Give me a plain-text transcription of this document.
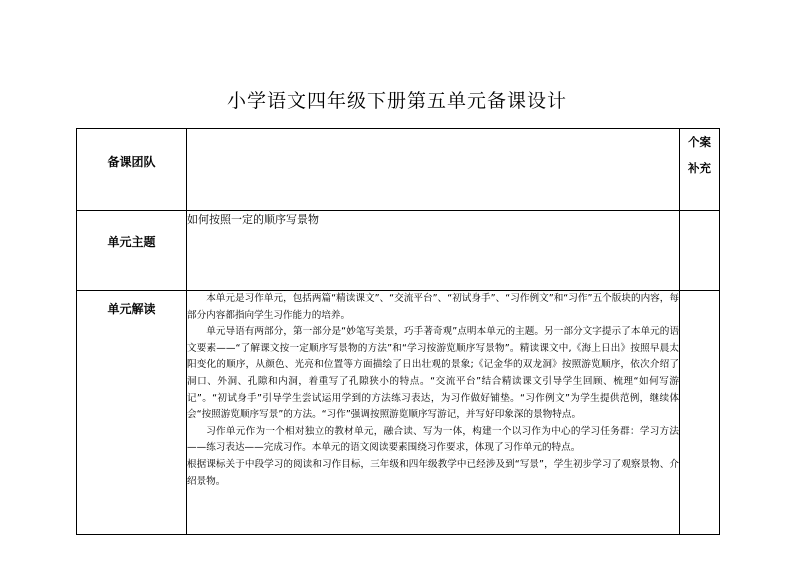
小学语文四年级下册第五单元备课设计
备课团队		个案
补充

单元主题	如何按照一定的顺序写景物	
单元解读	本单元是习作单元，包括两篇“精读课文”、“交流平台”、“初试身手”、“习作例文”和“习作”五个版块的内容，每部分内容都指向学生习作能力的培养。

单元导语有两部分，第一部分是“妙笔写美景，巧手著奇观”点明本单元的主题。另一部分文字提示了本单元的语文要素——“了解课文按一定顺序写景物的方法”和“学习按游览顺序写景物”。精读课文中,《海上日出》按照早晨太阳变化的顺序，从颜色、光亮和位置等方面描绘了日出壮观的景象;《记金华的双龙洞》按照游览顺序，依次介绍了洞口、外洞、孔隙和内洞，着重写了孔隙狭小的特点。“交流平台”结合精读课文引导学生回顾、梳理“如何写游记”。“初试身手”引导学生尝试运用学到的方法练习表达，为习作做好铺垫。“习作例文”为学生提供范例，继续体会“按照游览顺序写景”的方法。“习作”强调按照游览顺序写游记，并写好印象深的景物特点。

习作单元作为一个相对独立的教材单元，融合读、写为一体，构建一个以习作为中心的学习任务群：学习方法——练习表达——完成习作。本单元的语文阅读要素围绕习作要求，体现了习作单元的特点。

根据课标关于中段学习的阅读和习作目标，三年级和四年级教学中已经涉及到“写景”，学生初步学习了观察景物、介绍景物。	
